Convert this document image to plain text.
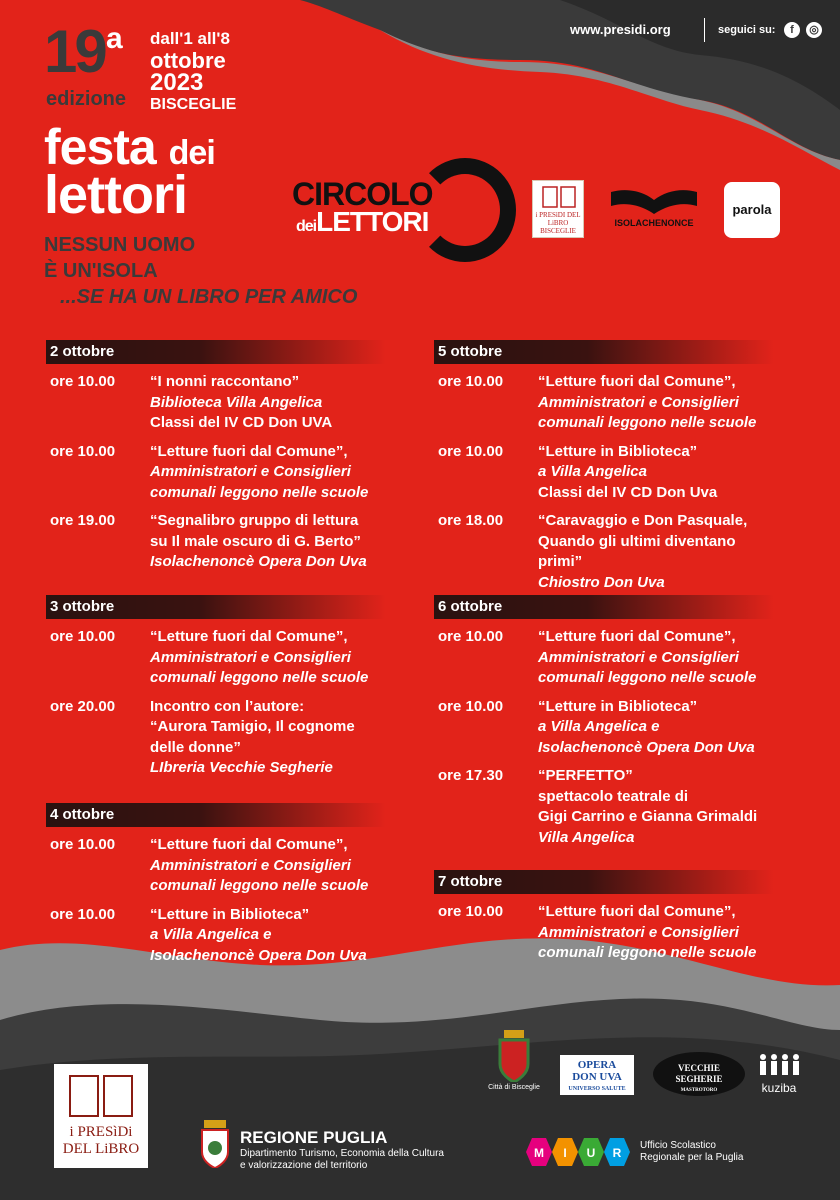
19 a
edizione
dall'1 all'8
ottobre
2023
BISCEGLIE
festa dei
lettori
NESSUN UOMO
È UN'ISOLA
...SE HA UN LIBRO PER AMICO
www.presidi.org	seguici su:	f	◎
CIRCOLO
deiLETTORI	i PRESìDI DEL LiBRO BISCEGLIE
ISOLACHENONCE
parola
2 ottobre
ore 10.00 “I nonni raccontano”
Biblioteca Villa Angelica
Classi del IV CD Don UVA
ore 10.00 “Letture fuori dal Comune”,
Amministratori e Consiglieri
comunali leggono nelle scuole
ore 19.00 “Segnalibro gruppo di lettura
su Il male oscuro di G. Berto”
Isolachenoncè Opera Don Uva
3 ottobre
ore 10.00 “Letture fuori dal Comune”,
Amministratori e Consiglieri
comunali leggono nelle scuole
ore 20.00 Incontro con l’autore:
“Aurora Tamigio, Il cognome
delle donne”
LIbreria Vecchie Segherie
4 ottobre
ore 10.00 “Letture fuori dal Comune”,
Amministratori e Consiglieri
comunali leggono nelle scuole
ore 10.00 “Letture in Biblioteca”
a Villa Angelica e
Isolachenoncè Opera Don Uva
5 ottobre
ore 10.00 “Letture fuori dal Comune”,
Amministratori e Consiglieri
comunali leggono nelle scuole
ore 10.00 “Letture in Biblioteca”
a Villa Angelica
Classi del IV CD Don Uva
ore 18.00 “Caravaggio e Don Pasquale,
Quando gli ultimi diventano primi”
Chiostro Don Uva
6 ottobre
ore 10.00 “Letture fuori dal Comune”,
Amministratori e Consiglieri
comunali leggono nelle scuole
ore 10.00 “Letture in Biblioteca”
a Villa Angelica e
Isolachenoncè Opera Don Uva
ore 17.30 “PERFETTO”
spettacolo teatrale di
Gigi Carrino e Gianna Grimaldi
Villa Angelica
7 ottobre
ore 10.00 “Letture fuori dal Comune”,
Amministratori e Consiglieri
comunali leggono nelle scuole
i PRESìDi
DEL LiBRO
REGIONE PUGLIA
Dipartimento Turismo, Economia della Cultura
e valorizzazione del territorio
M I U R
Ufficio Scolastico
Regionale per la Puglia
Città di Bisceglie
OPERA
DON UVA
UNIVERSO SALUTE
VECCHIE
SEGHERIE
MASTROTORO	kuziba
